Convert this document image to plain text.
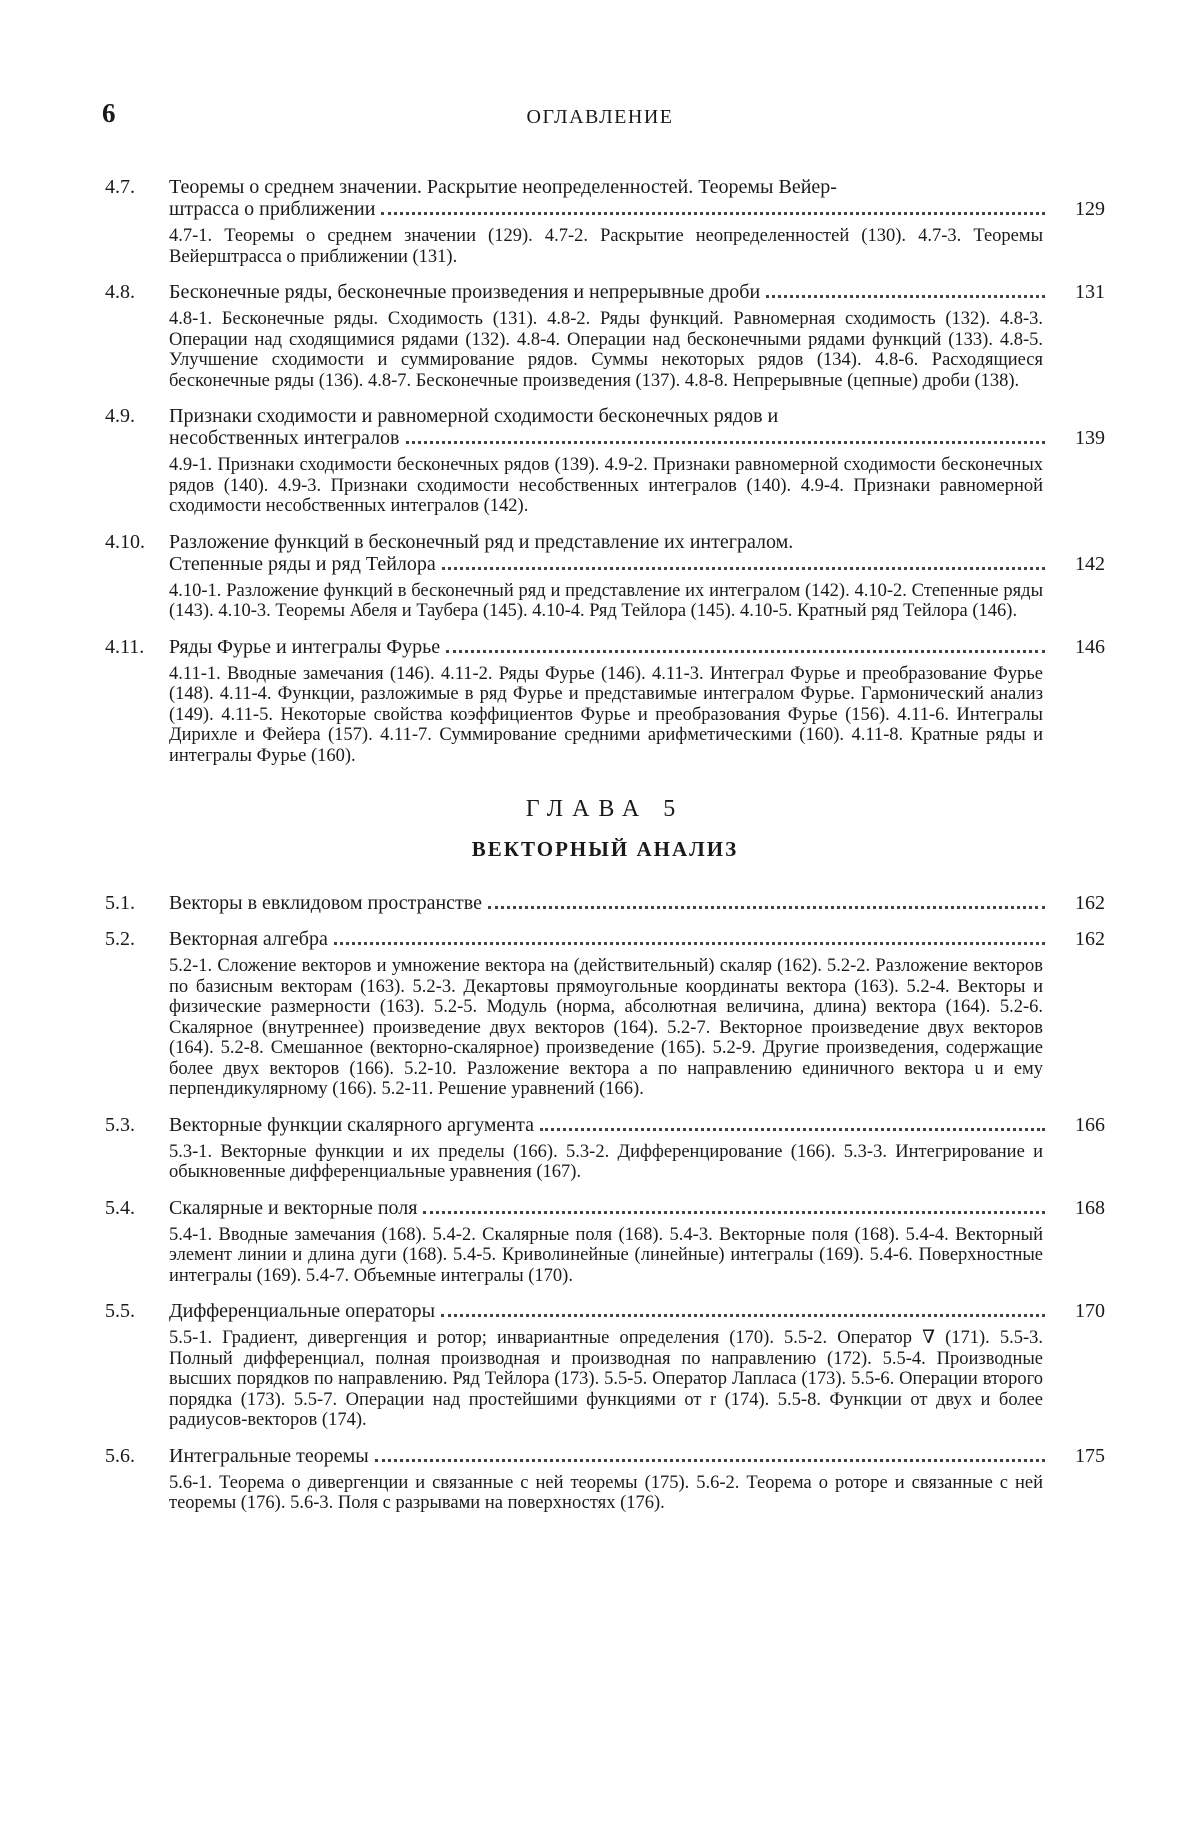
6	ОГЛАВЛЕНИЕ
4.7.	Теоремы о среднем значении. Раскрытие неопределенностей. Теоремы Вейер-
штрасса о приближении	129
4.7-1. Теоремы о среднем значении (129). 4.7-2. Раскрытие неопределенностей (130). 4.7-3. Теоремы Вейерштрасса о приближении (131).
4.8.	Бесконечные ряды, бесконечные произведения и непрерывные дроби	131
4.8-1. Бесконечные ряды. Сходимость (131). 4.8-2. Ряды функций. Равномерная сходимость (132). 4.8-3. Операции над сходящимися рядами (132). 4.8-4. Операции над бесконечными рядами функций (133). 4.8-5. Улучшение сходимости и суммирование рядов. Суммы некоторых рядов (134). 4.8-6. Расходящиеся бесконечные ряды (136). 4.8-7. Бесконечные произведения (137). 4.8-8. Непрерывные (цепные) дроби (138).
4.9.	Признаки сходимости и равномерной сходимости бесконечных рядов и
несобственных интегралов	139
4.9-1. Признаки сходимости бесконечных рядов (139). 4.9-2. Признаки равномерной сходимости бесконечных рядов (140). 4.9-3. Признаки сходимости несобственных интегралов (140). 4.9-4. Признаки равномерной сходимости несобственных интегралов (142).
4.10.	Разложение функций в бесконечный ряд и представление их интегралом.
Степенные ряды и ряд Тейлора	142
4.10-1. Разложение функций в бесконечный ряд и представление их интегралом (142). 4.10-2. Степенные ряды (143). 4.10-3. Теоремы Абеля и Таубера (145). 4.10-4. Ряд Тейлора (145). 4.10-5. Кратный ряд Тейлора (146).
4.11.	Ряды Фурье и интегралы Фурье	146
4.11-1. Вводные замечания (146). 4.11-2. Ряды Фурье (146). 4.11-3. Интеграл Фурье и преобразование Фурье (148). 4.11-4. Функции, разложимые в ряд Фурье и представимые интегралом Фурье. Гармонический анализ (149). 4.11-5. Некоторые свойства коэффициентов Фурье и преобразования Фурье (156). 4.11-6. Интегралы Дирихле и Фейера (157). 4.11-7. Суммирование средними арифметическими (160). 4.11-8. Кратные ряды и интегралы Фурье (160).
ГЛАВА 5
ВЕКТОРНЫЙ АНАЛИЗ
5.1.	Векторы в евклидовом пространстве	162
5.2.	Векторная алгебра	162
5.2-1. Сложение векторов и умножение вектора на (действительный) скаляр (162). 5.2-2. Разложение векторов по базисным векторам (163). 5.2-3. Декартовы прямоугольные координаты вектора (163). 5.2-4. Векторы и физические размерности (163). 5.2-5. Модуль (норма, абсолютная величина, длина) вектора (164). 5.2-6. Скалярное (внутреннее) произведение двух векторов (164). 5.2-7. Векторное произведение двух векторов (164). 5.2-8. Смешанное (векторно-скалярное) произведение (165). 5.2-9. Другие произведения, содержащие более двух векторов (166). 5.2-10. Разложение вектора a по направлению единичного вектора u и ему перпендикулярному (166). 5.2-11. Решение уравнений (166).
5.3.	Векторные функции скалярного аргумента	166
5.3-1. Векторные функции и их пределы (166). 5.3-2. Дифференцирование (166). 5.3-3. Интегрирование и обыкновенные дифференциальные уравнения (167).
5.4.	Скалярные и векторные поля	168
5.4-1. Вводные замечания (168). 5.4-2. Скалярные поля (168). 5.4-3. Векторные поля (168). 5.4-4. Векторный элемент линии и длина дуги (168). 5.4-5. Криволинейные (линейные) интегралы (169). 5.4-6. Поверхностные интегралы (169). 5.4-7. Объемные интегралы (170).
5.5.	Дифференциальные операторы	170
5.5-1. Градиент, дивергенция и ротор; инвариантные определения (170). 5.5-2. Оператор ∇ (171). 5.5-3. Полный дифференциал, полная производная и производная по направлению (172). 5.5-4. Производные высших порядков по направлению. Ряд Тейлора (173). 5.5-5. Оператор Лапласа (173). 5.5-6. Операции второго порядка (173). 5.5-7. Операции над простейшими функциями от r (174). 5.5-8. Функции от двух и более радиусов-векторов (174).
5.6.	Интегральные теоремы	175
5.6-1. Теорема о дивергенции и связанные с ней теоремы (175). 5.6-2. Теорема о роторе и связанные с ней теоремы (176). 5.6-3. Поля с разрывами на поверхностях (176).
